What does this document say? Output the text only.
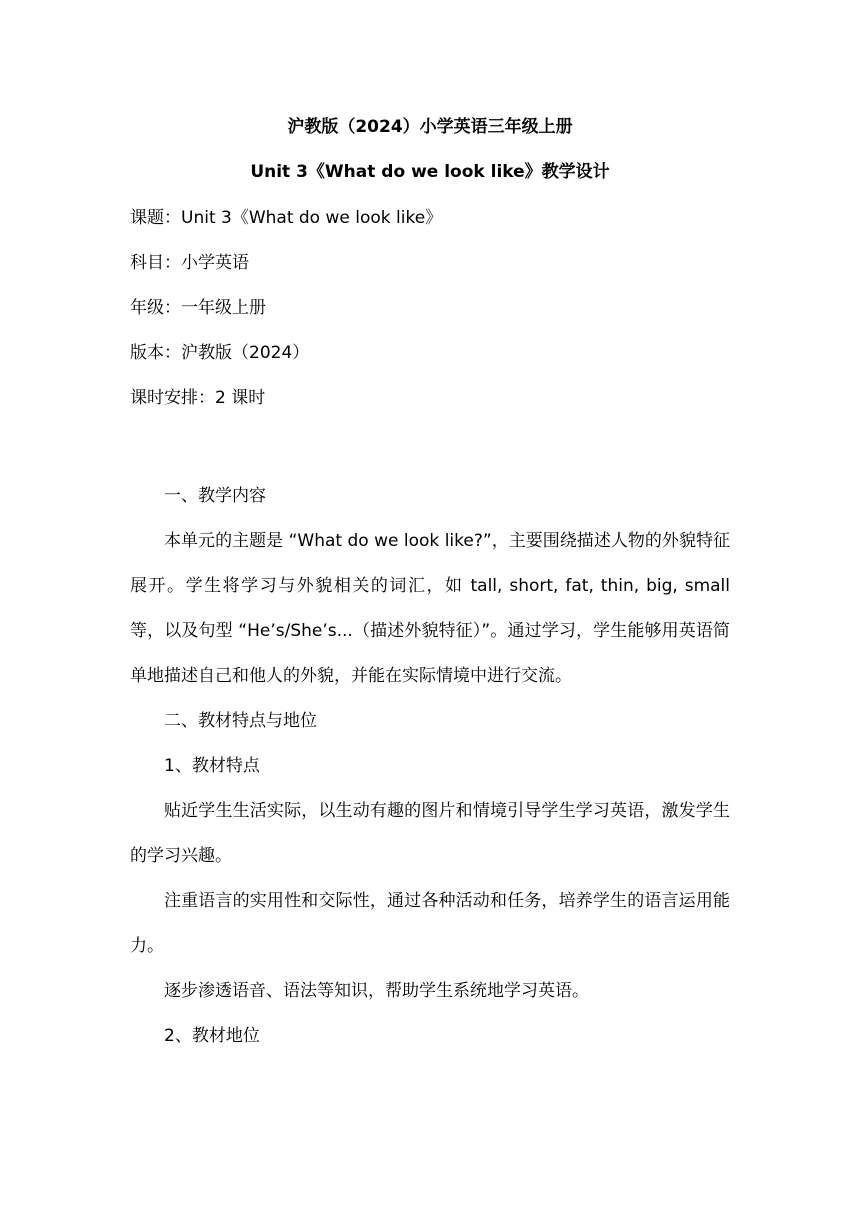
沪教版（2024）小学英语三年级上册
Unit 3《What do we look like》教学设计
课题：Unit 3《What do we look like》
科目：小学英语
年级：一年级上册
版本：沪教版（2024）
课时安排：2 课时

一、教学内容

本单元的主题是 “What do we look like?”，主要围绕描述人物的外貌特征展开。学生将学习与外貌相关的词汇，如 tall, short, fat, thin, big, small 等，以及句型 “He’s/She’s...（描述外貌特征）”。通过学习，学生能够用英语简单地描述自己和他人的外貌，并能在实际情境中进行交流。

二、教材特点与地位

1、教材特点

贴近学生生活实际，以生动有趣的图片和情境引导学生学习英语，激发学生的学习兴趣。

注重语言的实用性和交际性，通过各种活动和任务，培养学生的语言运用能力。

逐步渗透语音、语法等知识，帮助学生系统地学习英语。

2、教材地位
